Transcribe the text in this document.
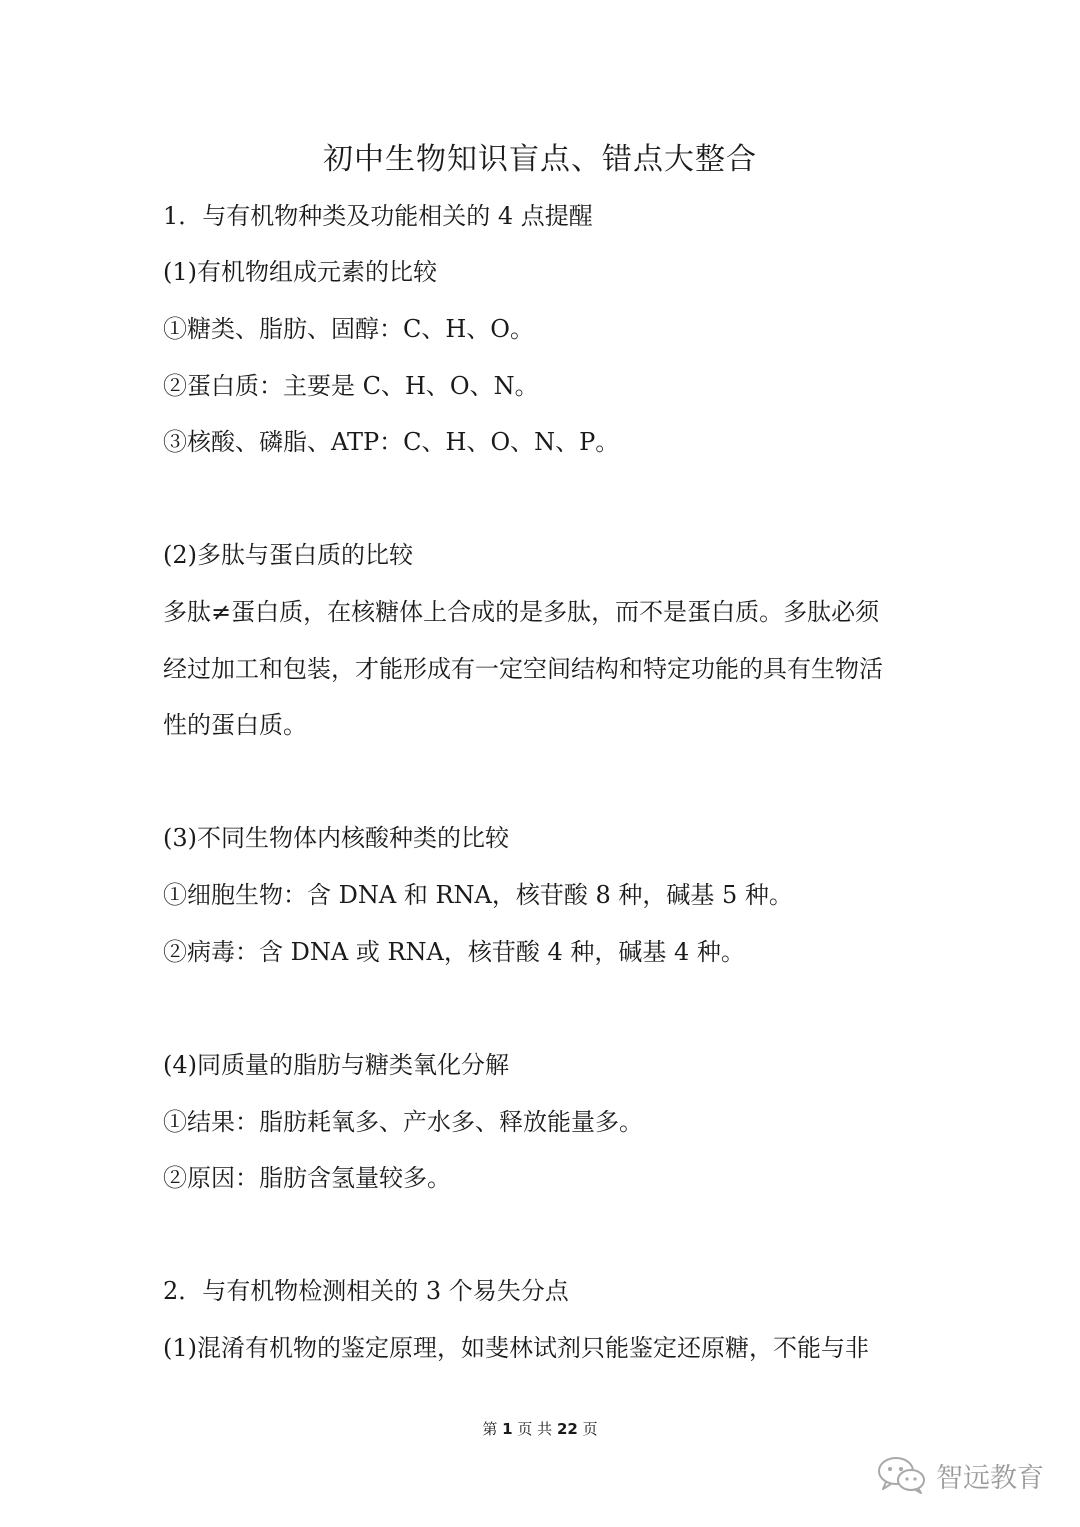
初中生物知识盲点、错点大整合
1．与有机物种类及功能相关的 4 点提醒
(1)有机物组成元素的比较
①糖类、脂肪、固醇：C、H、O。
②蛋白质：主要是 C、H、O、N。
③核酸、磷脂、ATP：C、H、O、N、P。
(2)多肽与蛋白质的比较
多肽≠蛋白质，在核糖体上合成的是多肽，而不是蛋白质。多肽必须
经过加工和包装，才能形成有一定空间结构和特定功能的具有生物活
性的蛋白质。
(3)不同生物体内核酸种类的比较
①细胞生物：含 DNA 和 RNA，核苷酸 8 种，碱基 5 种。
②病毒：含 DNA 或 RNA，核苷酸 4 种，碱基 4 种。
(4)同质量的脂肪与糖类氧化分解
①结果：脂肪耗氧多、产水多、释放能量多。
②原因：脂肪含氢量较多。
2．与有机物检测相关的 3 个易失分点
(1)混淆有机物的鉴定原理，如斐林试剂只能鉴定还原糖，不能与非
第 1 页 共 22 页
智远教育
